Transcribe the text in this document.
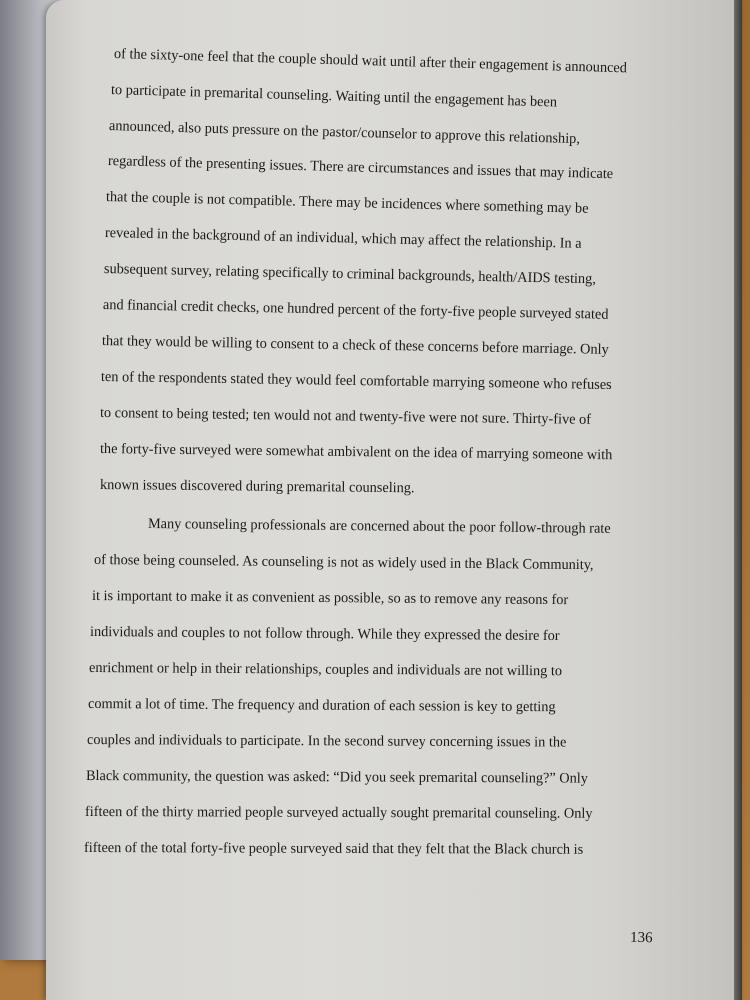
of the sixty-one feel that the couple should wait until after their engagement is announced
to participate in premarital counseling. Waiting until the engagement has been
announced, also puts pressure on the pastor/counselor to approve this relationship,
regardless of the presenting issues. There are circumstances and issues that may indicate
that the couple is not compatible. There may be incidences where something may be
revealed in the background of an individual, which may affect the relationship. In a
subsequent survey, relating specifically to criminal backgrounds, health/AIDS testing,
and financial credit checks, one hundred percent of the forty-five people surveyed stated
that they would be willing to consent to a check of these concerns before marriage. Only
ten of the respondents stated they would feel comfortable marrying someone who refuses
to consent to being tested; ten would not and twenty-five were not sure. Thirty-five of
the forty-five surveyed were somewhat ambivalent on the idea of marrying someone with
known issues discovered during premarital counseling.
Many counseling professionals are concerned about the poor follow-through rate
of those being counseled. As counseling is not as widely used in the Black Community,
it is important to make it as convenient as possible, so as to remove any reasons for
individuals and couples to not follow through. While they expressed the desire for
enrichment or help in their relationships, couples and individuals are not willing to
commit a lot of time. The frequency and duration of each session is key to getting
couples and individuals to participate. In the second survey concerning issues in the
Black community, the question was asked: “Did you seek premarital counseling?” Only
fifteen of the thirty married people surveyed actually sought premarital counseling. Only
fifteen of the total forty-five people surveyed said that they felt that the Black church is
136
